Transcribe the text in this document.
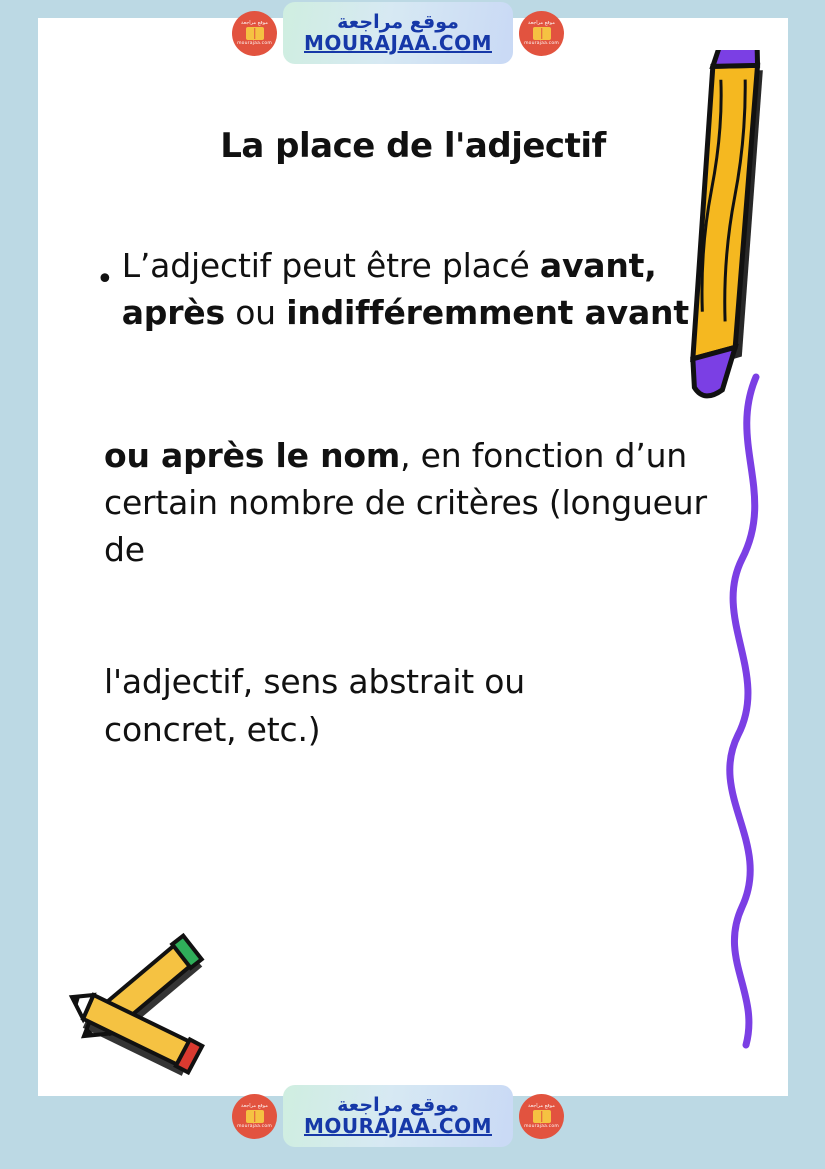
La place de l'adjectif
• L’adjectif peut être placé avant, après ou indifféremment avant
ou après le nom, en fonction d’un certain nombre de critères (longueur de
l'adjectif, sens abstrait ou concret, etc.)
موقع مراجعة
mourajaa.com
موقع مراجعة
MOURAJAA.COM
موقع مراجعة
mourajaa.com
موقع مراجعة
mourajaa.com
موقع مراجعة
MOURAJAA.COM
موقع مراجعة
mourajaa.com
